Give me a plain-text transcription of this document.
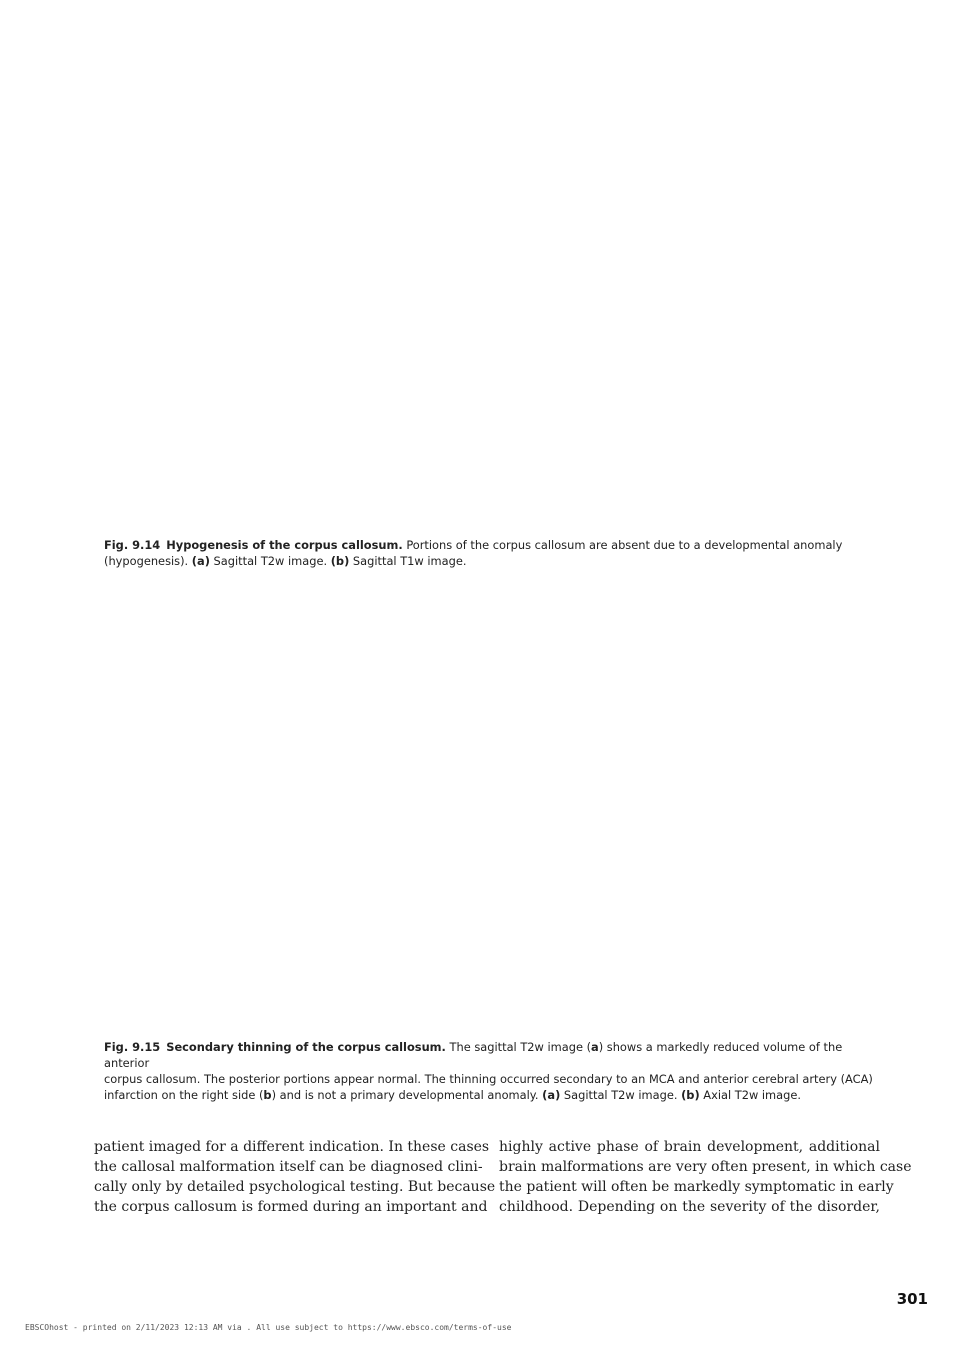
Fig. 9.14 Hypogenesis of the corpus callosum. Portions of the corpus callosum are absent due to a developmental anomaly
(hypogenesis). (a) Sagittal T2w image. (b) Sagittal T1w image.
Fig. 9.15 Secondary thinning of the corpus callosum. The sagittal T2w image (a) shows a markedly reduced volume of the anterior
corpus callosum. The posterior portions appear normal. The thinning occurred secondary to an MCA and anterior cerebral artery (ACA)
infarction on the right side (b) and is not a primary developmental anomaly. (a) Sagittal T2w image. (b) Axial T2w image.
patient imaged for a different indication. In these cases
the callosal malformation itself can be diagnosed clini-
cally only by detailed psychological testing. But because
the corpus callosum is formed during an important and
highly active phase of brain development, additional
brain malformations are very often present, in which case
the patient will often be markedly symptomatic in early
childhood. Depending on the severity of the disorder,
301
EBSCOhost - printed on 2/11/2023 12:13 AM via . All use subject to https://www.ebsco.com/terms-of-use
